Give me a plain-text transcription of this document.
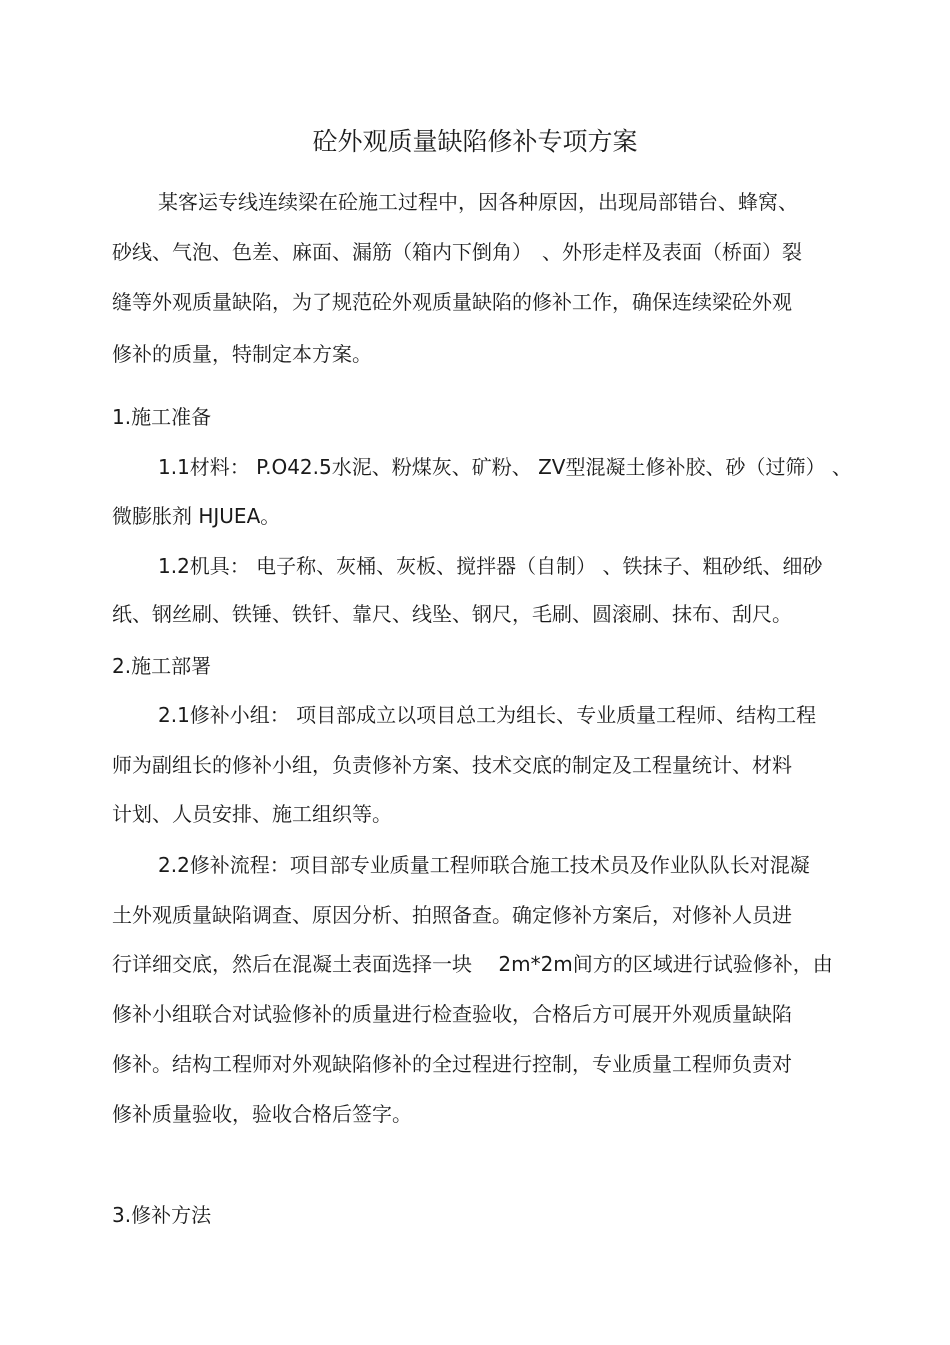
砼外观质量缺陷修补专项方案
某客运专线连续梁在砼施工过程中，因各种原因，出现局部错台、蜂窝、
砂线、气泡、色差、麻面、漏筋（箱内下倒角）　、外形走样及表面（桥面）裂
缝等外观质量缺陷，为了规范砼外观质量缺陷的修补工作，确保连续梁砼外观
修补的质量，特制定本方案。
1.施工准备
1.1材料： P.O42.5水泥、粉煤灰、矿粉、 ZV型混凝土修补胶、砂（过筛） 、
微膨胀剂 HJUEA。
1.2机具： 电子称、灰桶、灰板、搅拌器（自制） 、铁抹子、粗砂纸、细砂
纸、钢丝刷、铁锤、铁钎、靠尺、线坠、钢尺，毛刷、圆滚刷、抹布、刮尺。
2.施工部署
2.1修补小组： 项目部成立以项目总工为组长、专业质量工程师、结构工程
师为副组长的修补小组，负责修补方案、技术交底的制定及工程量统计、材料
计划、人员安排、施工组织等。
2.2修补流程：项目部专业质量工程师联合施工技术员及作业队队长对混凝
土外观质量缺陷调查、原因分析、拍照备查。确定修补方案后，对修补人员进
行详细交底，然后在混凝土表面选择一块　 2m*2m间方的区域进行试验修补，由
修补小组联合对试验修补的质量进行检查验收，合格后方可展开外观质量缺陷
修补。结构工程师对外观缺陷修补的全过程进行控制，专业质量工程师负责对
修补质量验收，验收合格后签字。
3.修补方法
